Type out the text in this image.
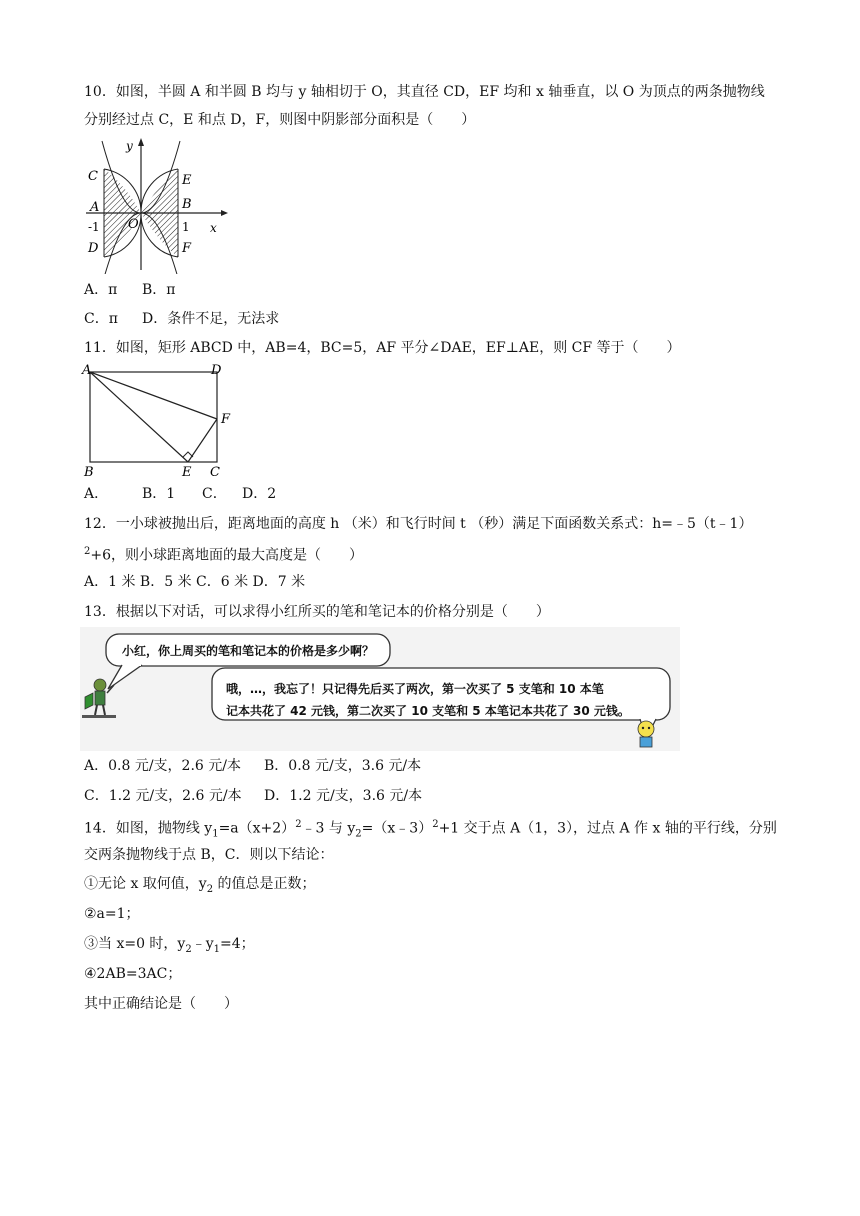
10．如图，半圆 A 和半圆 B 均与 y 轴相切于 O，其直径 CD，EF 均和 x 轴垂直，以 O 为顶点的两条抛物线
分别经过点 C，E 和点 D，F，则图中阴影部分面积是（　　）
y
x
C	E
A	B
O
-1	1
D	F
A．π B．π
C．π D．条件不足，无法求
11．如图，矩形 ABCD 中，AB=4，BC=5，AF 平分∠DAE，EF⊥AE，则 CF 等于（　　）
A	D
F
B	E C
A． B．1 C． D．2
12．一小球被抛出后，距离地面的高度 h （米）和飞行时间 t （秒）满足下面函数关系式：h=﹣5（t﹣1）
$^2$+6，则小球距离地面的最大高度是（　　）
A．1 米 B．5 米 C．6 米 D．7 米
13．根据以下对话，可以求得小红所买的笔和笔记本的价格分别是（　　）
小红，你上周买的笔和笔记本的价格是多少啊？
哦，…，我忘了！只记得先后买了两次，第一次买了 5 支笔和 10 本笔
记本共花了 42 元钱，第二次买了 10 支笔和 5 本笔记本共花了 30 元钱。
A．0.8 元/支，2.6 元/本 B．0.8 元/支，3.6 元/本
C．1.2 元/支，2.6 元/本 D．1.2 元/支，3.6 元/本
14．如图，抛物线 $y_1=a(x+2)^2﹣3$ 与 $y_2=(x﹣3)^2+1$ 交于点 A（1，3），过点 A 作 x 轴的平行线，分别
交两条抛物线于点 B，C．则以下结论：
①无论 x 取何值，$y_2$ 的值总是正数；
②a=1；
③当 x=0 时，$y_2﹣y_1=4$；
④2AB=3AC；
其中正确结论是（　　）
